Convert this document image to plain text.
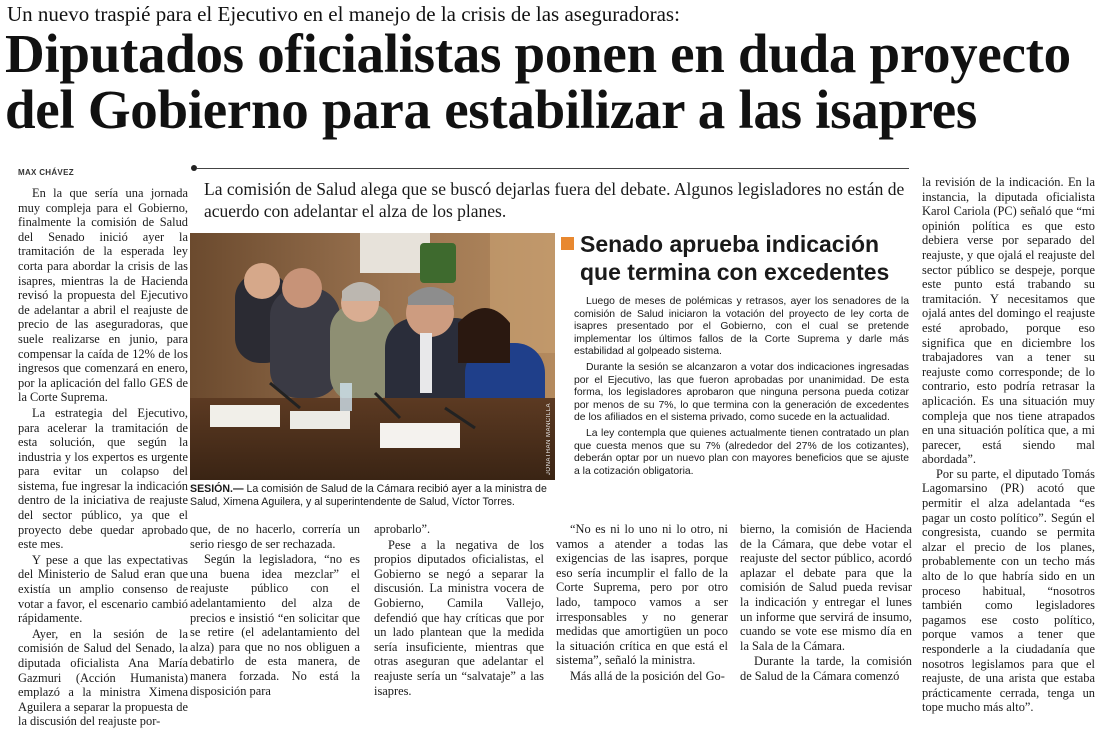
Un nuevo traspié para el Ejecutivo en el manejo de la crisis de las aseguradoras:
Diputados oficialistas ponen en duda proyecto
del Gobierno para estabilizar a las isapres
MAX CHÁVEZ

En la que sería una jornada muy compleja para el Gobierno, finalmente la comisión de Salud del Senado inició ayer la tramitación de la esperada ley corta para abordar la crisis de las isapres, mientras la de Hacienda revisó la propuesta del Ejecutivo de adelantar a abril el reajuste de precio de las aseguradoras, que suele realizarse en junio, para compensar la caída de 12% de los ingresos que comenzará en enero, por la aplicación del fallo GES de la Corte Suprema.

La estrategia del Ejecutivo, para acelerar la tramitación de esta solución, que según la industria y los expertos es urgente para evitar un colapso del sistema, fue ingresar la indicación dentro de la iniciativa de reajuste del sector público, ya que el proyecto debe quedar aprobado este mes.

Y pese a que las expectativas del Ministerio de Salud eran que existía un amplio consenso de votar a favor, el escenario cambió rápidamente.

Ayer, en la sesión de la comisión de Salud del Senado, la diputada oficialista Ana María Gazmuri (Acción Humanista) emplazó a la ministra Ximena Aguilera a separar la propuesta de la discusión del reajuste por-

La comisión de Salud alega que se buscó dejarlas fuera del debate. Algunos legisladores no están de acuerdo con adelantar el alza de los planes.
JONATHAN MANCILLA
SESIÓN.— La comisión de Salud de la Cámara recibió ayer a la ministra de Salud, Ximena Aguilera, y al superintendente de Salud, Víctor Torres.
Senado aprueba indicación
que termina con excedentes

Luego de meses de polémicas y retrasos, ayer los senadores de la comisión de Salud iniciaron la votación del proyecto de ley corta de isapres presentado por el Gobierno, con el cual se pretende implementar los últimos fallos de la Corte Suprema y darle más estabilidad al golpeado sistema.

Durante la sesión se alcanzaron a votar dos indicaciones ingresadas por el Ejecutivo, las que fueron aprobadas por unanimidad. De esta forma, los legisladores aprobaron que ninguna persona pueda cotizar por menos de su 7%, lo que termina con la generación de excedentes de los afiliados en el sistema privado, como sucede en la actualidad.

La ley contempla que quienes actualmente tienen contratado un plan que cuesta menos que su 7% (alrededor del 27% de los cotizantes), deberán optar por un nuevo plan con mayores beneficios que se ajuste a la cotización obligatoria.

que, de no hacerlo, correría un serio riesgo de ser rechazada.

Según la legisladora, “no es una buena idea mezclar” el reajuste público con el adelantamiento del alza de precios e insistió “en solicitar que se retire (el adelantamiento del alza) para que no nos obliguen a debatirlo de esta manera, de manera forzada. No está la disposición para

aprobarlo”.

Pese a la negativa de los propios diputados oficialistas, el Gobierno se negó a separar la discusión. La ministra vocera de Gobierno, Camila Vallejo, defendió que hay críticas que por un lado plantean que la medida sería insuficiente, mientras que otras aseguran que adelantar el reajuste sería un “salvataje” a las isapres.

“No es ni lo uno ni lo otro, ni vamos a atender a todas las exigencias de las isapres, porque eso sería incumplir el fallo de la Corte Suprema, pero por otro lado, tampoco vamos a ser irresponsables y no generar medidas que amortigüen un poco la situación crítica en que está el sistema”, señaló la ministra.

Más allá de la posición del Go-

bierno, la comisión de Hacienda de la Cámara, que debe votar el reajuste del sector público, acordó aplazar el debate para que la comisión de Salud pueda revisar la indicación y entregar el lunes un informe que servirá de insumo, cuando se vote ese mismo día en la Sala de la Cámara.

Durante la tarde, la comisión de Salud de la Cámara comenzó

la revisión de la indicación. En la instancia, la diputada oficialista Karol Cariola (PC) señaló que “mi opinión política es que esto debiera verse por separado del reajuste, y que ojalá el reajuste del sector público se despeje, porque este punto está trabando su tramitación. Y necesitamos que ojalá antes del domingo el reajuste esté aprobado, porque eso significa que en diciembre los trabajadores van a tener su reajuste como corresponde; de lo contrario, esto podría retrasar la aplicación. Es una situación muy compleja que nos tiene atrapados en una situación política que, a mi parecer, está siendo mal abordada”.

Por su parte, el diputado Tomás Lagomarsino (PR) acotó que permitir el alza adelantada “es pagar un costo político”. Según el congresista, cuando se permita alzar el precio de los planes, probablemente con un techo más alto de lo que habría sido en un proceso habitual, “nosotros también como legisladores pagamos ese costo político, porque vamos a tener que responderle a la ciudadanía que nosotros legislamos para que el reajuste, de una arista que estaba prácticamente cerrada, tenga un tope mucho más alto”.
